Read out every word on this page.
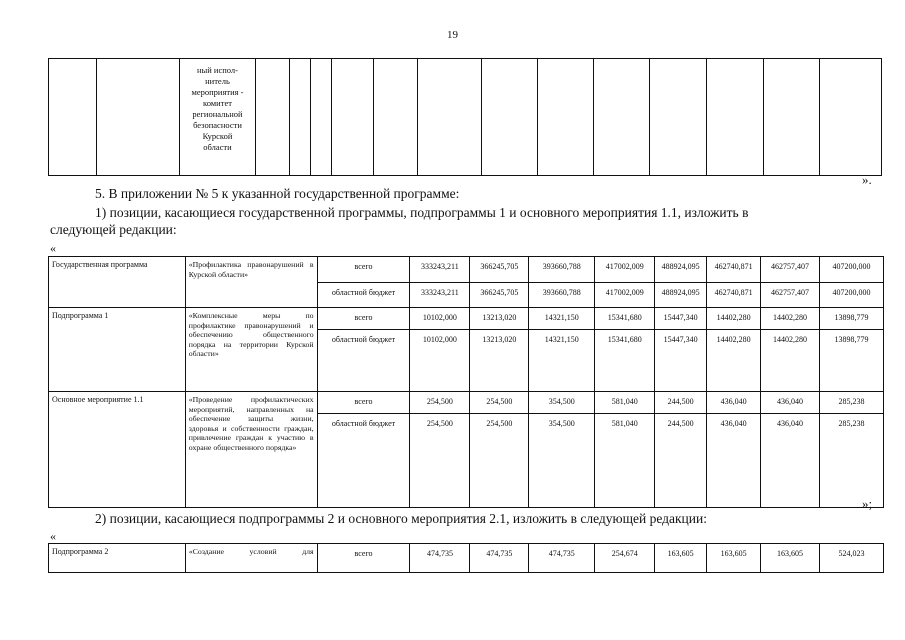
19
		ный испол-
нитель
мероприятия -
комитет
региональной
безопасности
Курской
области													
».
5. В приложении № 5 к указанной государственной программе:
1) позиции, касающиеся государственной программы, подпрограммы 1 и основного мероприятия 1.1, изложить в
следующей редакции:
«
Государственная программа	«Профилактика правонарушений в Курской области»	всего	333243,211	366245,705	393660,788	417002,009	488924,095	462740,871	462757,407	407200,000
		областной бюджет	333243,211	366245,705	393660,788	417002,009	488924,095	462740,871	462757,407	407200,000
Подпрограмма 1	«Комплексные меры по профилактике правонарушений и обеспечению общественного порядка на территории Курской области»	всего	10102,000	13213,020	14321,150	15341,680	15447,340	14402,280	14402,280	13898,779
		областной бюджет	10102,000	13213,020	14321,150	15341,680	15447,340	14402,280	14402,280	13898,779
Основное мероприятие 1.1	«Проведение профилактических мероприятий, направленных на обеспечение защиты жизни, здоровья и собственности граждан, привлечение граждан к участию в охране общественного порядка»	всего	254,500	254,500	354,500	581,040	244,500	436,040	436,040	285,238
		областной бюджет	254,500	254,500	354,500	581,040	244,500	436,040	436,040	285,238
»;
2) позиции, касающиеся подпрограммы 2 и основного мероприятия 2.1, изложить в следующей редакции:
«
Подпрограмма 2	«Создание условий для	всего	474,735	474,735	474,735	254,674	163,605	163,605	163,605	524,023
